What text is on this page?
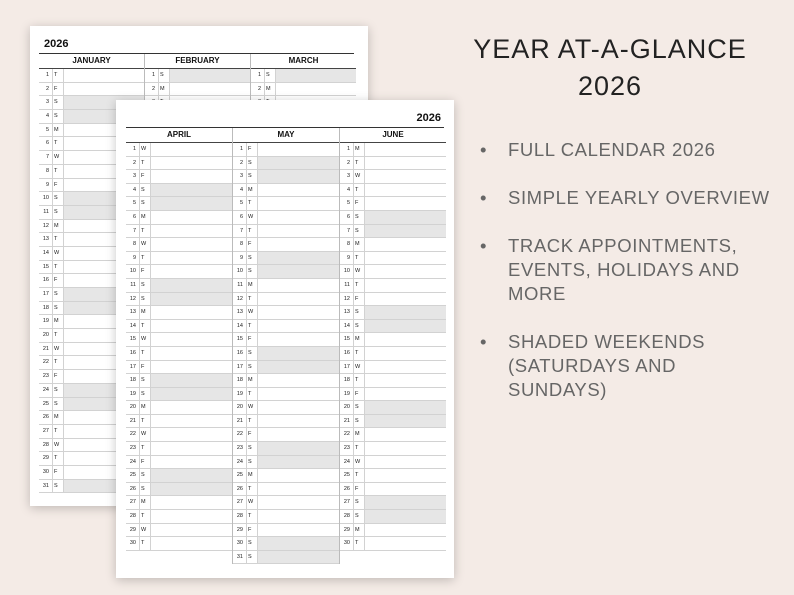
2026
JANUARY
1 T
2 F
3 S
4 S
5 M
6 T
7 W
8 T
9 F
10 S
11 S
12 M
13 T
14 W
15 T
16 F
17 S
18 S
19 M
20 T
21 W
22 T
23 F
24 S
25 S
26 M
27 T
28 W
29 T
30 F
31 S
FEBRUARY
1 S
2 M
MARCH
1 S
2 M
2026
APRIL
1 W
2 T
3 F
4 S
5 S
6 M
7 T
8 W
9 T
10 F
11 S
12 S
13 M
14 T
15 W
16 T
17 F
18 S
19 S
20 M
21 T
22 W
23 T
24 F
25 S
26 S
27 M
28 T
29 W
30 T
MAY
1 F
2 S
3 S
4 M
5 T
6 W
7 T
8 F
9 S
10 S
11 M
12 T
13 W
14 T
15 F
16 S
17 S
18 M
19 T
20 W
21 T
22 F
23 S
24 S
25 M
26 T
27 W
28 T
29 F
30 S
31 S
JUNE
1 M
2 T
3 W
4 T
5 F
6 S
7 S
8 M
9 T
10 W
11 T
12 F
13 S
14 S
15 M
16 T
17 W
18 T
19 F
20 S
21 S
22 M
23 T
24 W
25 T
26 F
27 S
28 S
29 M
30 T
YEAR AT-A-GLANCE
2026
• FULL CALENDAR 2026
• SIMPLE YEARLY OVERVIEW
• TRACK APPOINTMENTS, EVENTS, HOLIDAYS AND MORE
• SHADED WEEKENDS (SATURDAYS AND SUNDAYS)
